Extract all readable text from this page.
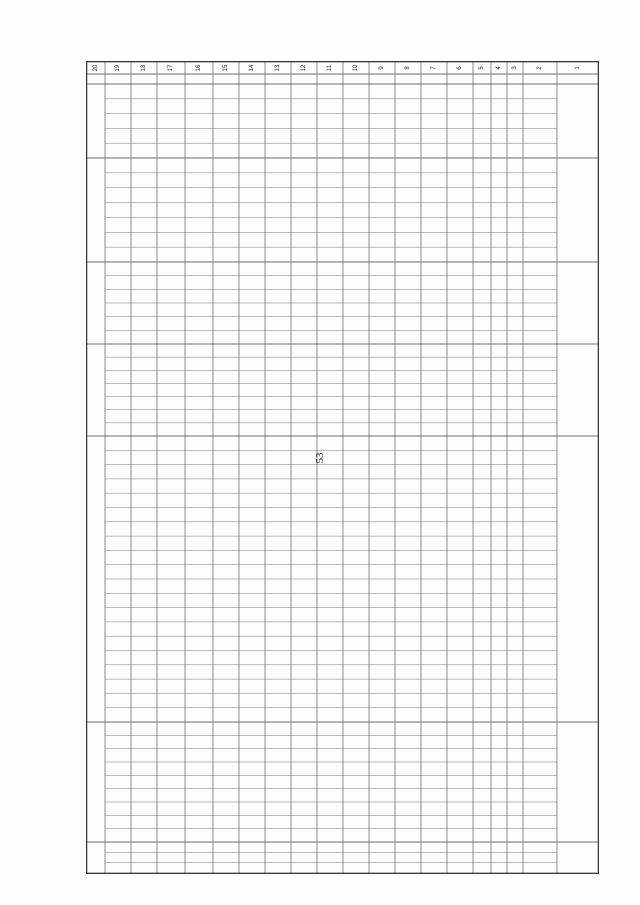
53
1
2
3
4
5
6
7
8
9
10
11
12
13
14
15
16
17
18
19
20
